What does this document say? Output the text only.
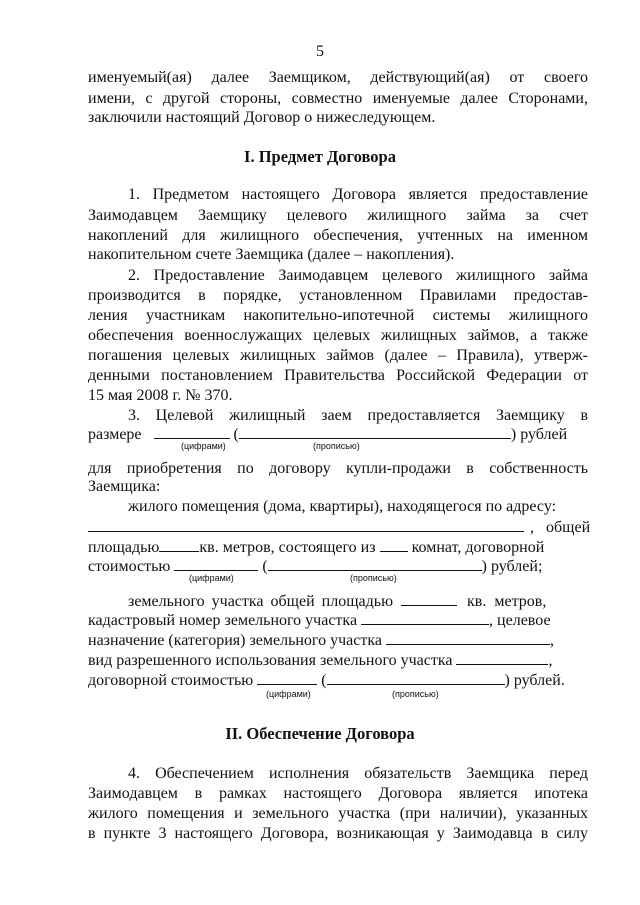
5
именуемый(ая) далее Заемщиком, действующий(ая) от своего
имени, с другой стороны, совместно именуемые далее Сторонами,
заключили настоящий Договор о нижеследующем.
I. Предмет Договора
1. Предметом настоящего Договора является предоставление
Заимодавцем Заемщику целевого жилищного займа за счет
накоплений для жилищного обеспечения, учтенных на именном
накопительном счете Заемщика (далее – накопления).
2. Предоставление Заимодавцем целевого жилищного займа
производится в порядке, установленном Правилами предостав-
ления участникам накопительно-ипотечной системы жилищного
обеспечения военнослужащих целевых жилищных займов, а также
погашения целевых жилищных займов (далее – Правила), утверж-
денными постановлением Правительства Российской Федерации от
15 мая 2008 г. № 370.
3. Целевой жилищный заем предоставляется Заемщику в
размере	(	) рублей
(цифрами)	(прописью)
для приобретения по договору купли-продажи в собственность
Заемщика:
жилого помещения (дома, квартиры), находящегося по адресу:
, общей
площадью	кв. метров, состоящего из комнат, договорной
стоимостью	(	) рублей;
(цифрами)	(прописью)
земельного участка общей площадью	кв. метров,
кадастровый номер земельного участка	, целевое
назначение (категория) земельного участка	,
вид разрешенного использования земельного участка	,
договорной стоимостью	(	) рублей.
(цифрами)	(прописью)
II. Обеспечение Договора
4. Обеспечением исполнения обязательств Заемщика перед
Заимодавцем в рамках настоящего Договора является ипотека
жилого помещения и земельного участка (при наличии), указанных
в пункте 3 настоящего Договора, возникающая у Заимодавца в силу
